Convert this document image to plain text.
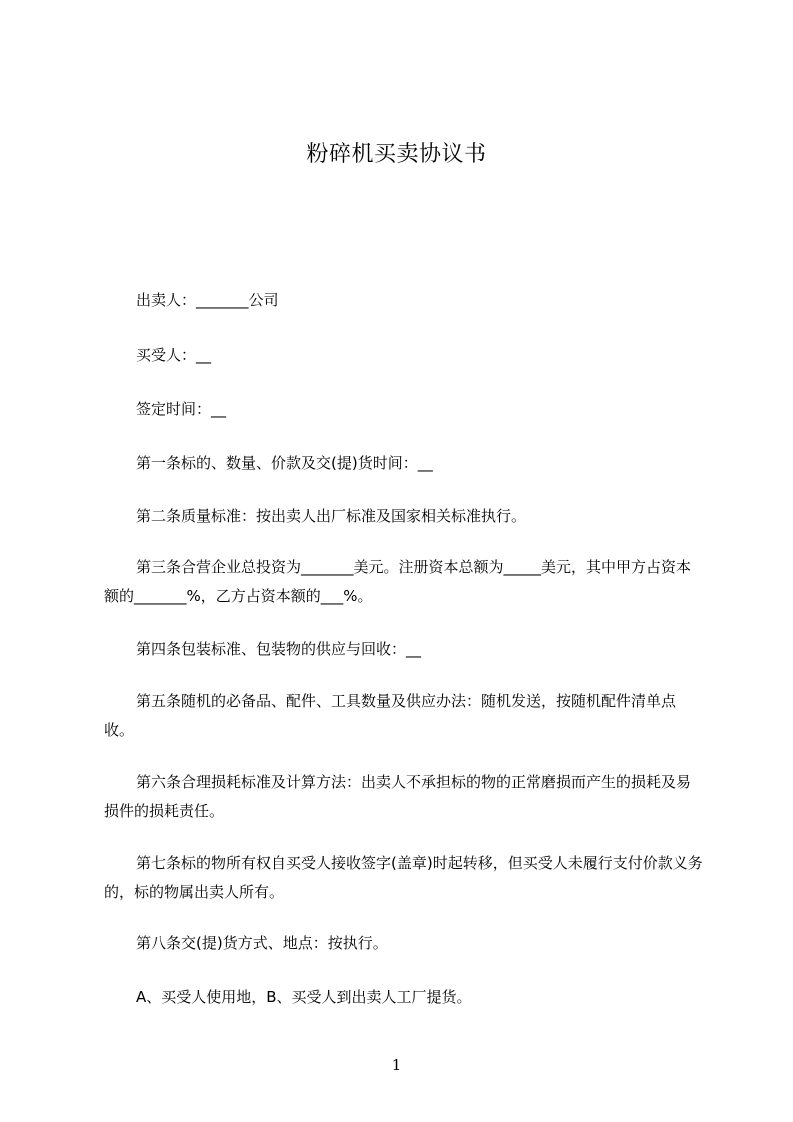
粉碎机买卖协议书
出卖人：_______公司
买受人：__
签定时间：__
第一条标的、数量、价款及交(提)货时间：__
第二条质量标准：按出卖人出厂标准及国家相关标准执行。
第三条合营企业总投资为_______美元。注册资本总额为_____美元，其中甲方占资本额的_______%，乙方占资本额的___%。
第四条包装标准、包装物的供应与回收：__
第五条随机的必备品、配件、工具数量及供应办法：随机发送，按随机配件清单点收。
第六条合理损耗标准及计算方法：出卖人不承担标的物的正常磨损而产生的损耗及易损件的损耗责任。
第七条标的物所有权自买受人接收签字(盖章)时起转移，但买受人未履行支付价款义务的，标的物属出卖人所有。
第八条交(提)货方式、地点：按执行。
A、买受人使用地，B、买受人到出卖人工厂提货。
1
